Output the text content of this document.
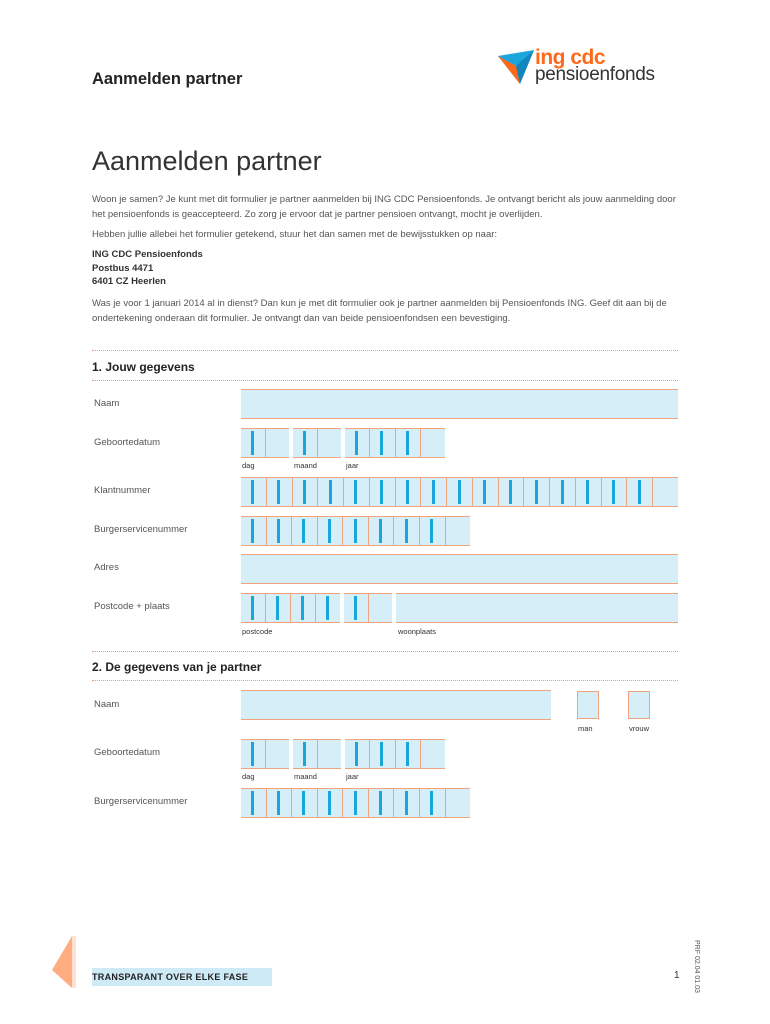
Aanmelden partner
ing cdc
pensioenfonds
Aanmelden partner
Woon je samen? Je kunt met dit formulier je partner aanmelden bij ING CDC Pensioenfonds. Je ontvangt bericht als jouw aanmelding door het pensioenfonds is geaccepteerd. Zo zorg je ervoor dat je partner pensioen ontvangt, mocht je overlijden.
Hebben jullie allebei het formulier getekend, stuur het dan samen met de bewijsstukken op naar:
ING CDC Pensioenfonds
Postbus 4471
6401 CZ Heerlen
Was je voor 1 januari 2014 al in dienst? Dan kun je met dit formulier ook je partner aanmelden bij Pensioenfonds ING. Geef dit aan bij de ondertekening onderaan dit formulier. Je ontvangt dan van beide pensioenfondsen een bevestiging.
1. Jouw gegevens
Naam
Geboortedatum
dag	maand	jaar
Klantnummer
Burgerservicenummer
Adres
Postcode + plaats
postcode	woonplaats
2. De gegevens van je partner
Naam
man	vrouw
Geboortedatum
dag	maand	jaar
Burgerservicenummer
TRANSPARANT OVER ELKE FASE	1 PRF 02.04 01.03
